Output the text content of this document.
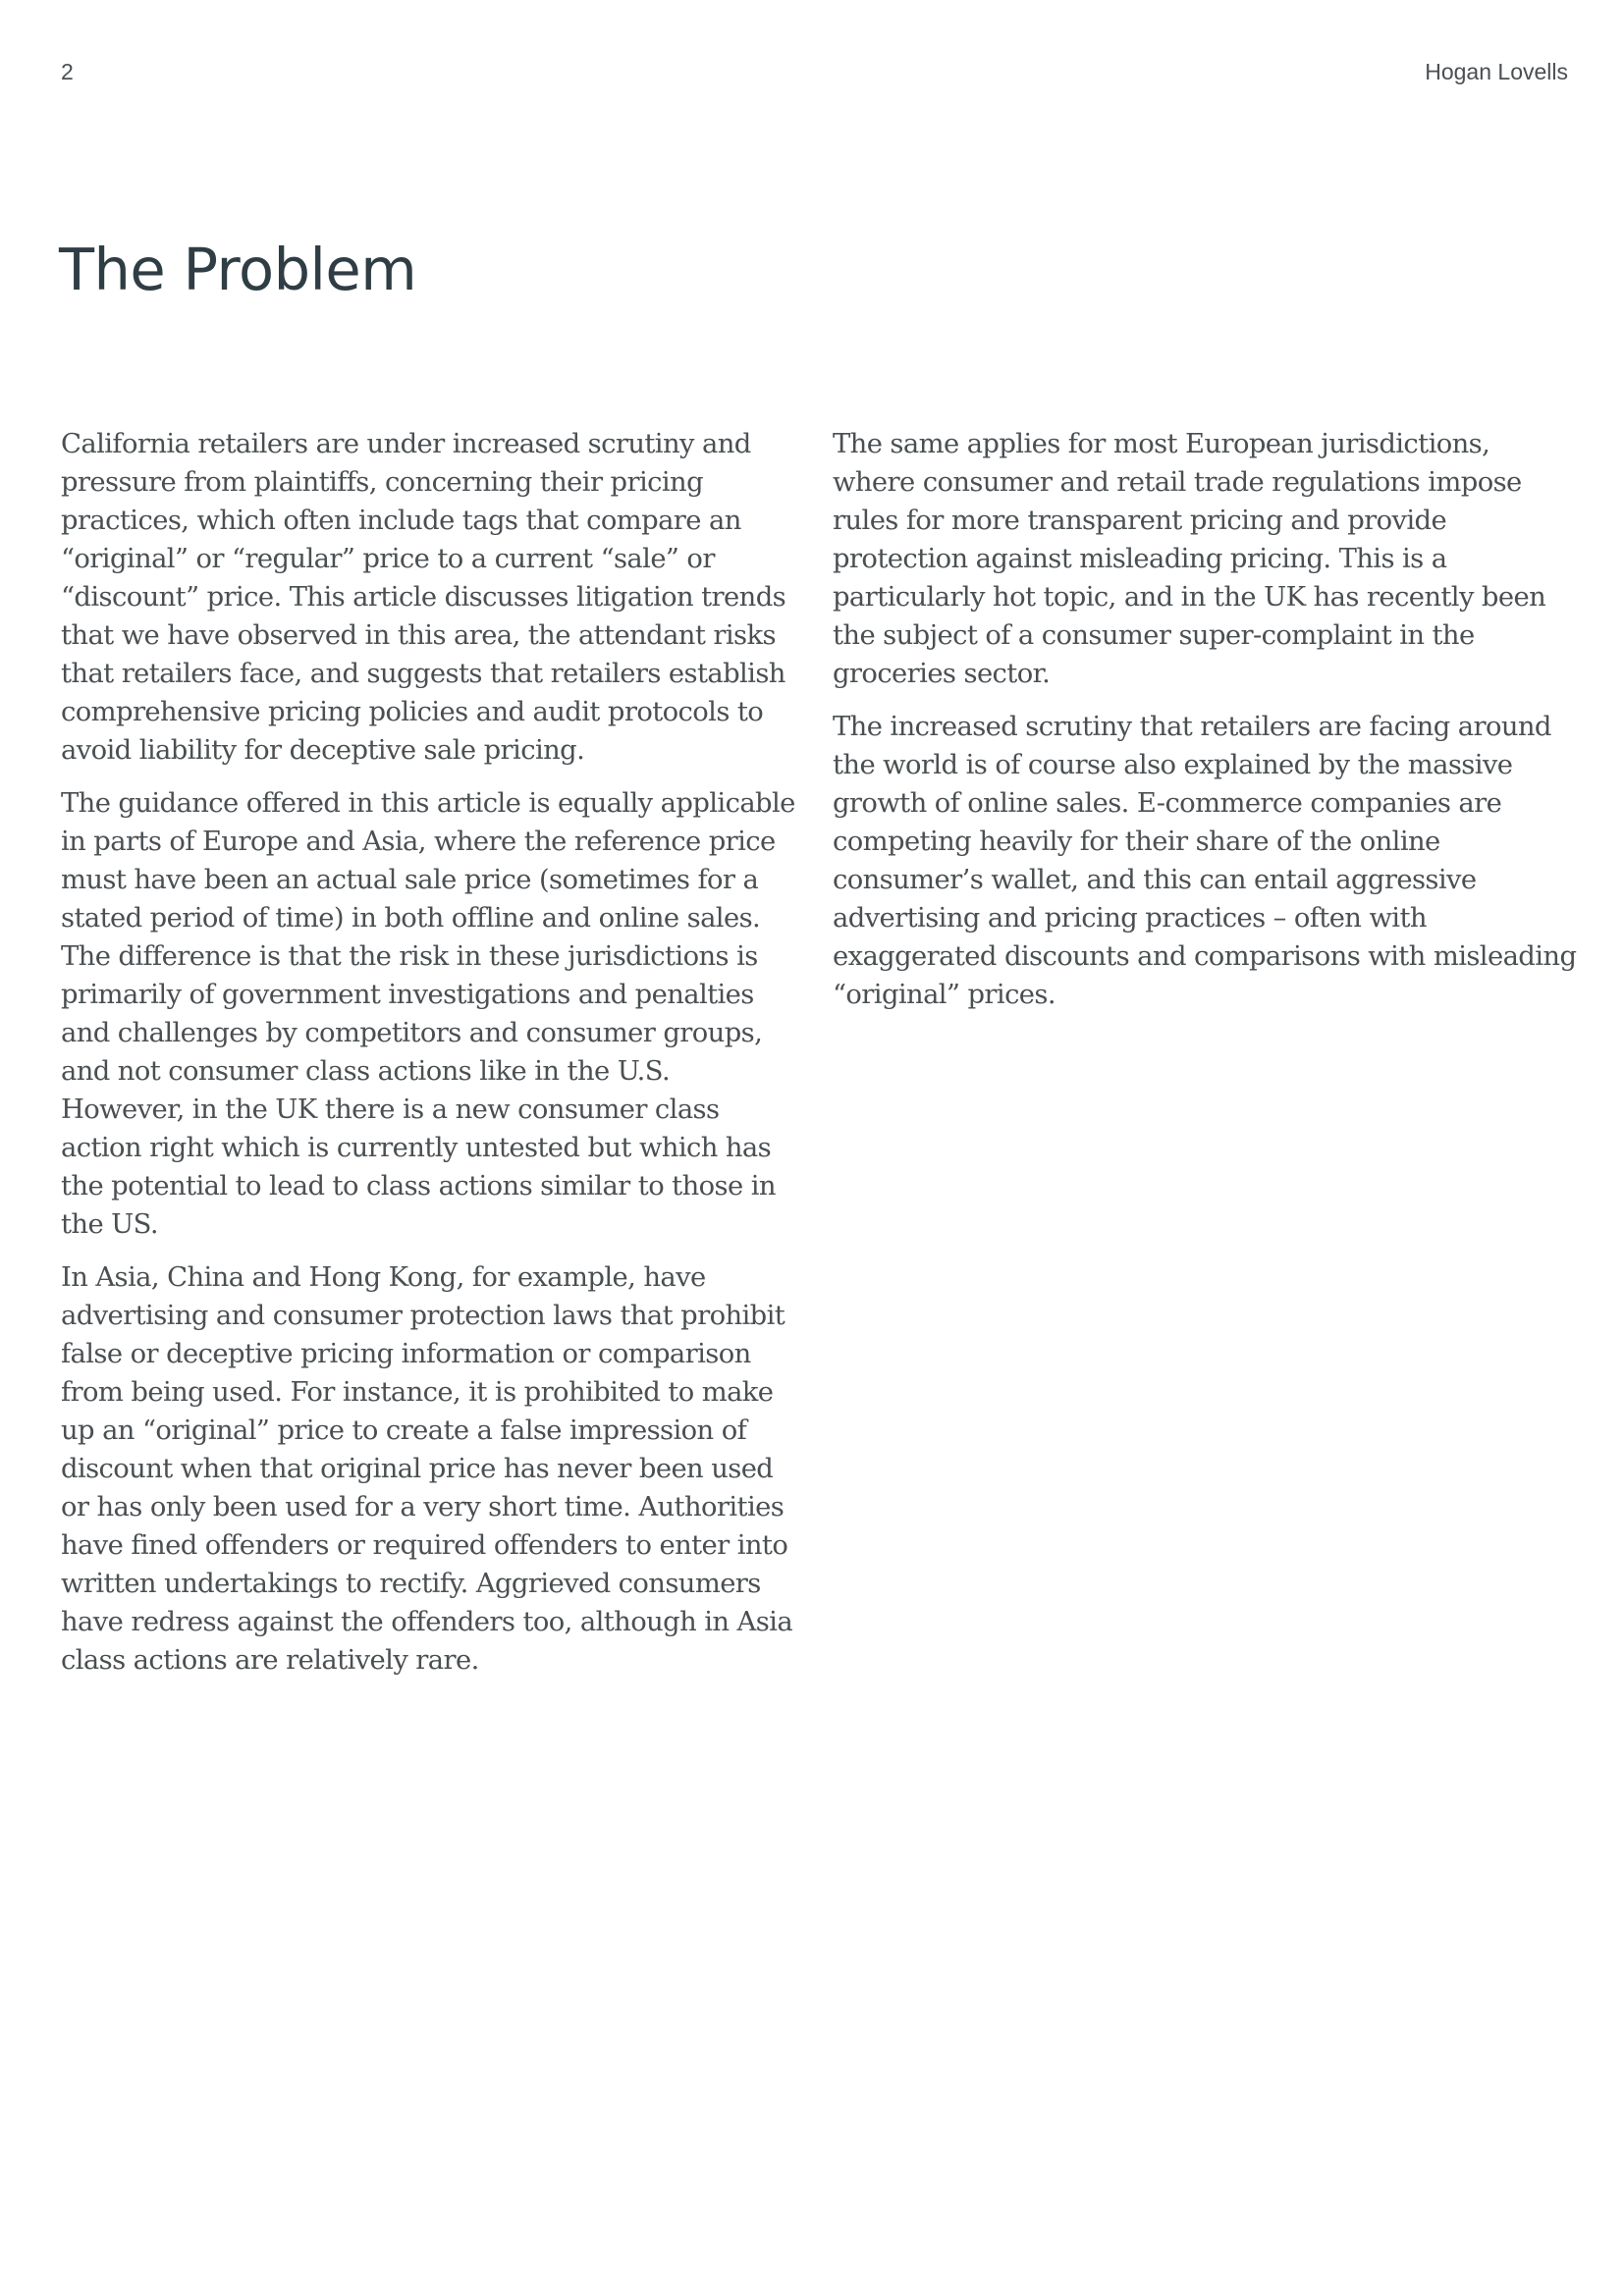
2	Hogan Lovells
The Problem

California retailers are under increased scrutiny and pressure from plaintiffs, concerning their pricing practices, which often include tags that compare an “original” or “regular” price to a current “sale” or “discount” price. This article discusses litigation trends that we have observed in this area, the attendant risks that retailers face, and suggests that retailers establish comprehensive pricing policies and audit protocols to avoid liability for deceptive sale pricing.

The guidance offered in this article is equally applicable in parts of Europe and Asia, where the reference price must have been an actual sale price (sometimes for a stated period of time) in both offline and online sales. The difference is that the risk in these jurisdictions is primarily of government investigations and penalties and challenges by competitors and consumer groups, and not consumer class actions like in the U.S. However, in the UK there is a new consumer class action right which is currently untested but which has the potential to lead to class actions similar to those in the US.

In Asia, China and Hong Kong, for example, have advertising and consumer protection laws that prohibit false or deceptive pricing information or comparison from being used. For instance, it is prohibited to make up an “original” price to create a false impression of discount when that original price has never been used or has only been used for a very short time. Authorities have fined offenders or required offenders to enter into written undertakings to rectify. Aggrieved consumers have redress against the offenders too, although in Asia class actions are relatively rare.

The same applies for most European jurisdictions, where consumer and retail trade regulations impose rules for more transparent pricing and provide protection against misleading pricing. This is a particularly hot topic, and in the UK has recently been the subject of a consumer super-complaint in the groceries sector.

The increased scrutiny that retailers are facing around the world is of course also explained by the massive growth of online sales. E-commerce companies are competing heavily for their share of the online consumer’s wallet, and this can entail aggressive advertising and pricing practices – often with exaggerated discounts and comparisons with misleading “original” prices.
